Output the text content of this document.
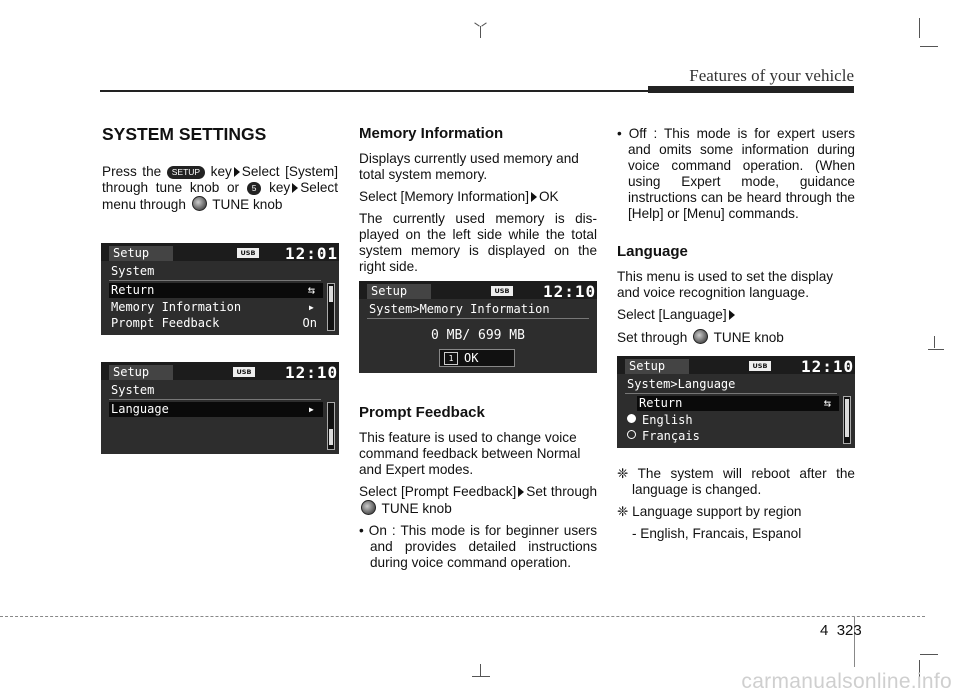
Features of your vehicle
SYSTEM SETTINGS

Press the SETUP key Select [System] through tune knob or 5 key Select menu through TUNE knob

Setup	USB 12:01
System
Return	⇆
Memory Information	▸
Prompt Feedback	On
Setup	USB 12:10
System
Language	▸
Memory Information

Displays currently used memory and total system memory.

Select [Memory Information] OK

The currently used memory is dis-played on the left side while the total system memory is displayed on the right side.

Setup	USB 12:10
System>Memory Information
0 MB/ 699 MB
1 OK
Prompt Feedback

This feature is used to change voice command feedback between Normal and Expert modes.

Select [Prompt Feedback] Set through  TUNE knob

• On : This mode is for beginner users and provides detailed instructions during voice command operation.

• Off : This mode is for expert users and omits some information during voice command operation. (When using Expert mode, guidance instructions can be heard through the [Help] or [Menu] commands.

Language

This menu is used to set the display and voice recognition language.

Select [Language]

Set through TUNE knob

Setup	USB 12:10
System>Language
Return	⇆
English
Français

❈ The system will reboot after the language is changed.

❈ Language support by region

- English, Francais, Espanol

4 323
carmanualsonline.info
